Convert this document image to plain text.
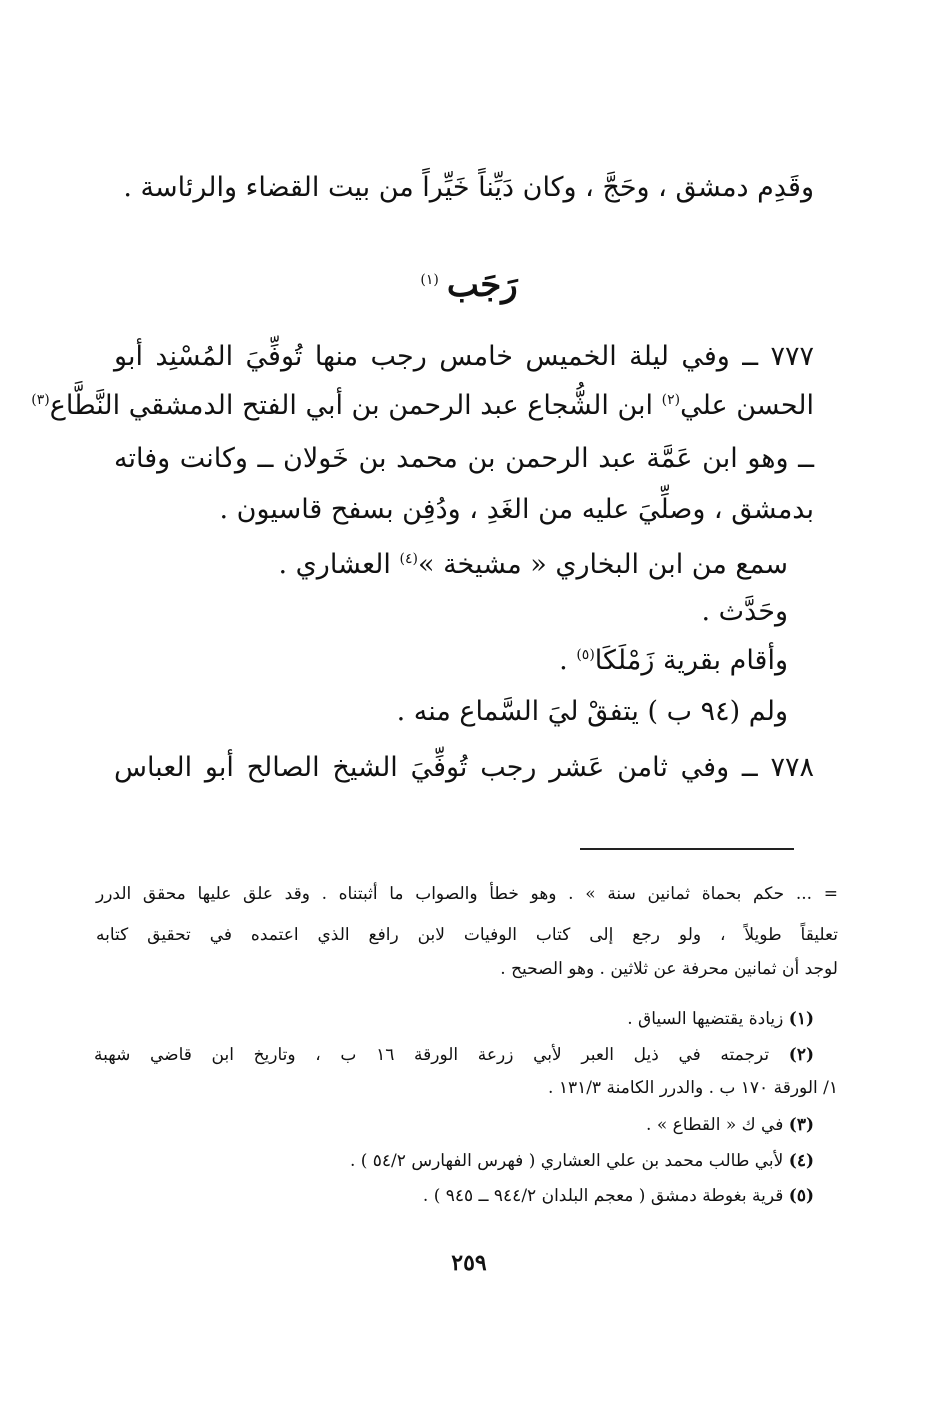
وقَدِم دمشق ، وحَجَّ ، وكان دَيِّناً خَيِّراً من بيت القضاء والرئاسة .
رَجَب$^{(١)}$
٧٧٧ ــ وفي ليلة الخميس خامس رجب منها تُوفِّيَ المُسْنِد أبو
الحسن علي$^{(٢)}$ ابن الشُّجاع عبد الرحمن بن أبي الفتح الدمشقي النَّطَّاع$^{(٣)}$
ــ وهو ابن عَمَّة عبد الرحمن بن محمد بن خَولان ــ وكانت وفاته
بدمشق ، وصلِّيَ عليه من الغَدِ ، ودُفِن بسفح قاسيون .
سمع من ابن البخاري « مشيخة »$^{(٤)}$ العشاري .
وحَدَّث .
وأقام بقرية زَمْلَكَا$^{(٥)}$ .
ولم (٩٤ ب ) يتفقْ ليَ السَّماع منه .
٧٧٨ ــ وفي ثامن عَشر رجب تُوفِّيَ الشيخ الصالح أبو العباس
= ... حكم بحماة ثمانين سنة » . وهو خطأ والصواب ما أثبتناه . وقد علق عليها محقق الدرر
تعليقاً طويلاً ، ولو رجع إلى كتاب الوفيات لابن رافع الذي اعتمده في تحقيق كتابه
لوجد أن ثمانين محرفة عن ثلاثين . وهو الصحيح .
(١) زيادة يقتضيها السياق .
(٢) ترجمته في ذيل العبر لأبي زرعة الورقة ١٦ ب ، وتاريخ ابن قاضي شهبة
١/ الورقة ١٧٠ ب . والدرر الكامنة ١٣١/٣ .
(٣) في ك « القطاع » .
(٤) لأبي طالب محمد بن علي العشاري ( فهرس الفهارس ٥٤/٢ ) .
(٥) قرية بغوطة دمشق ( معجم البلدان ٩٤٤/٢ ــ ٩٤٥ ) .
٢٥٩
